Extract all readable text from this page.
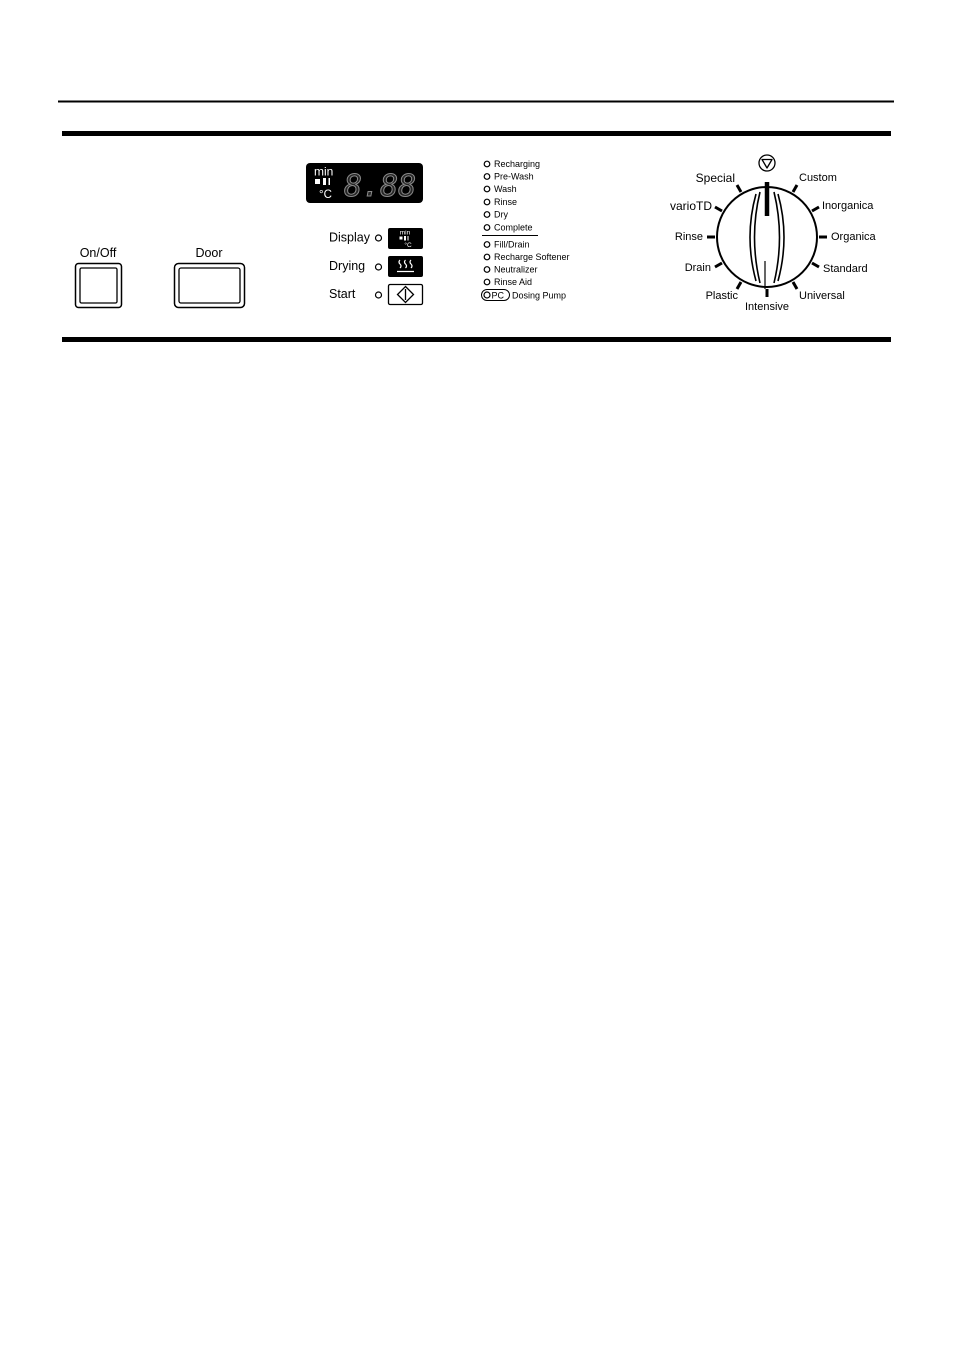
On/Off	Door
min
°C 8.88
Display	min
°C
Drying
Start
Recharging
Pre-Wash
Wash
Rinse
Dry
Complete
Fill/Drain
Recharge Softener
Neutralizer
Rinse Aid
PC Dosing Pump
Custom
Inorganica
Organica
Standard
Universal
Intensive
Plastic
Drain
Rinse
varioTD
Special
